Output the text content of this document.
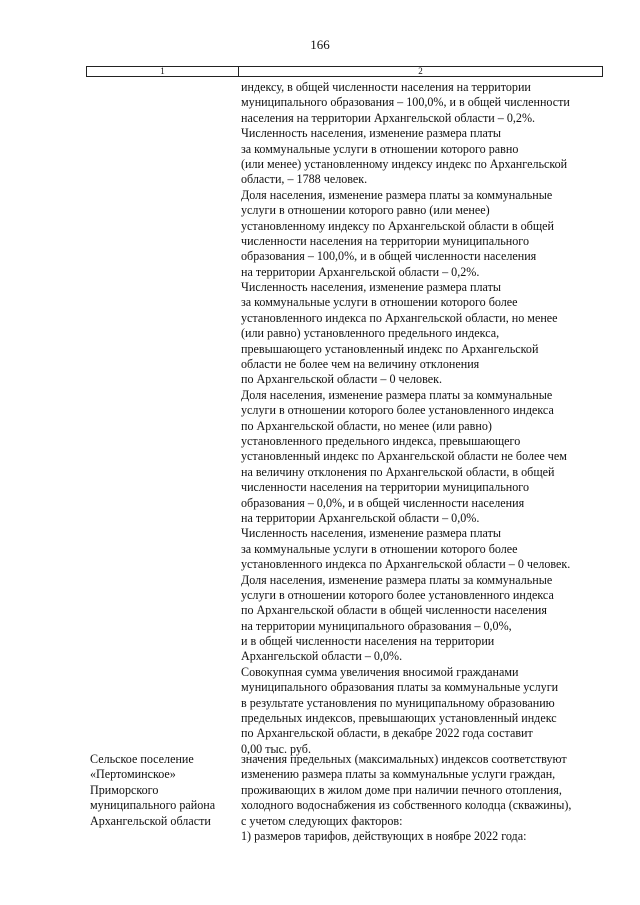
166
1	2
индексу, в общей численности населения на территории
муниципального образования – 100,0%, и в общей численности
населения на территории Архангельской области – 0,2%.
Численность населения, изменение размера платы
за коммунальные услуги в отношении которого равно
(или менее) установленному индексу индекс по Архангельской
области, – 1788 человек.
Доля населения, изменение размера платы за коммунальные
услуги в отношении которого равно (или менее)
установленному индексу по Архангельской области в общей
численности населения на территории муниципального
образования – 100,0%, и в общей численности населения
на территории Архангельской области – 0,2%.
Численность населения, изменение размера платы
за коммунальные услуги в отношении которого более
установленного индекса по Архангельской области, но менее
(или равно) установленного предельного индекса,
превышающего установленный индекс по Архангельской
области не более чем на величину отклонения
по Архангельской области – 0 человек.
Доля населения, изменение размера платы за коммунальные
услуги в отношении которого более установленного индекса
по Архангельской области, но менее (или равно)
установленного предельного индекса, превышающего
установленный индекс по Архангельской области не более чем
на величину отклонения по Архангельской области, в общей
численности населения на территории муниципального
образования – 0,0%, и в общей численности населения
на территории Архангельской области – 0,0%.
Численность населения, изменение размера платы
за коммунальные услуги в отношении которого более
установленного индекса по Архангельской области – 0 человек.
Доля населения, изменение размера платы за коммунальные
услуги в отношении которого более установленного индекса
по Архангельской области в общей численности населения
на территории муниципального образования – 0,0%,
и в общей численности населения на территории
Архангельской области – 0,0%.
Совокупная сумма увеличения вносимой гражданами
муниципального образования платы за коммунальные услуги
в результате установления по муниципальному образованию
предельных индексов, превышающих установленный индекс
по Архангельской области, в декабре 2022 года составит
0,00 тыс. руб.
Сельское поселение
«Пертоминское»
Приморского
муниципального района
Архангельской области
значения предельных (максимальных) индексов соответствуют
изменению размера платы за коммунальные услуги граждан,
проживающих в жилом доме при наличии печного отопления,
холодного водоснабжения из собственного колодца (скважины),
с учетом следующих факторов:
1) размеров тарифов, действующих в ноябре 2022 года:
